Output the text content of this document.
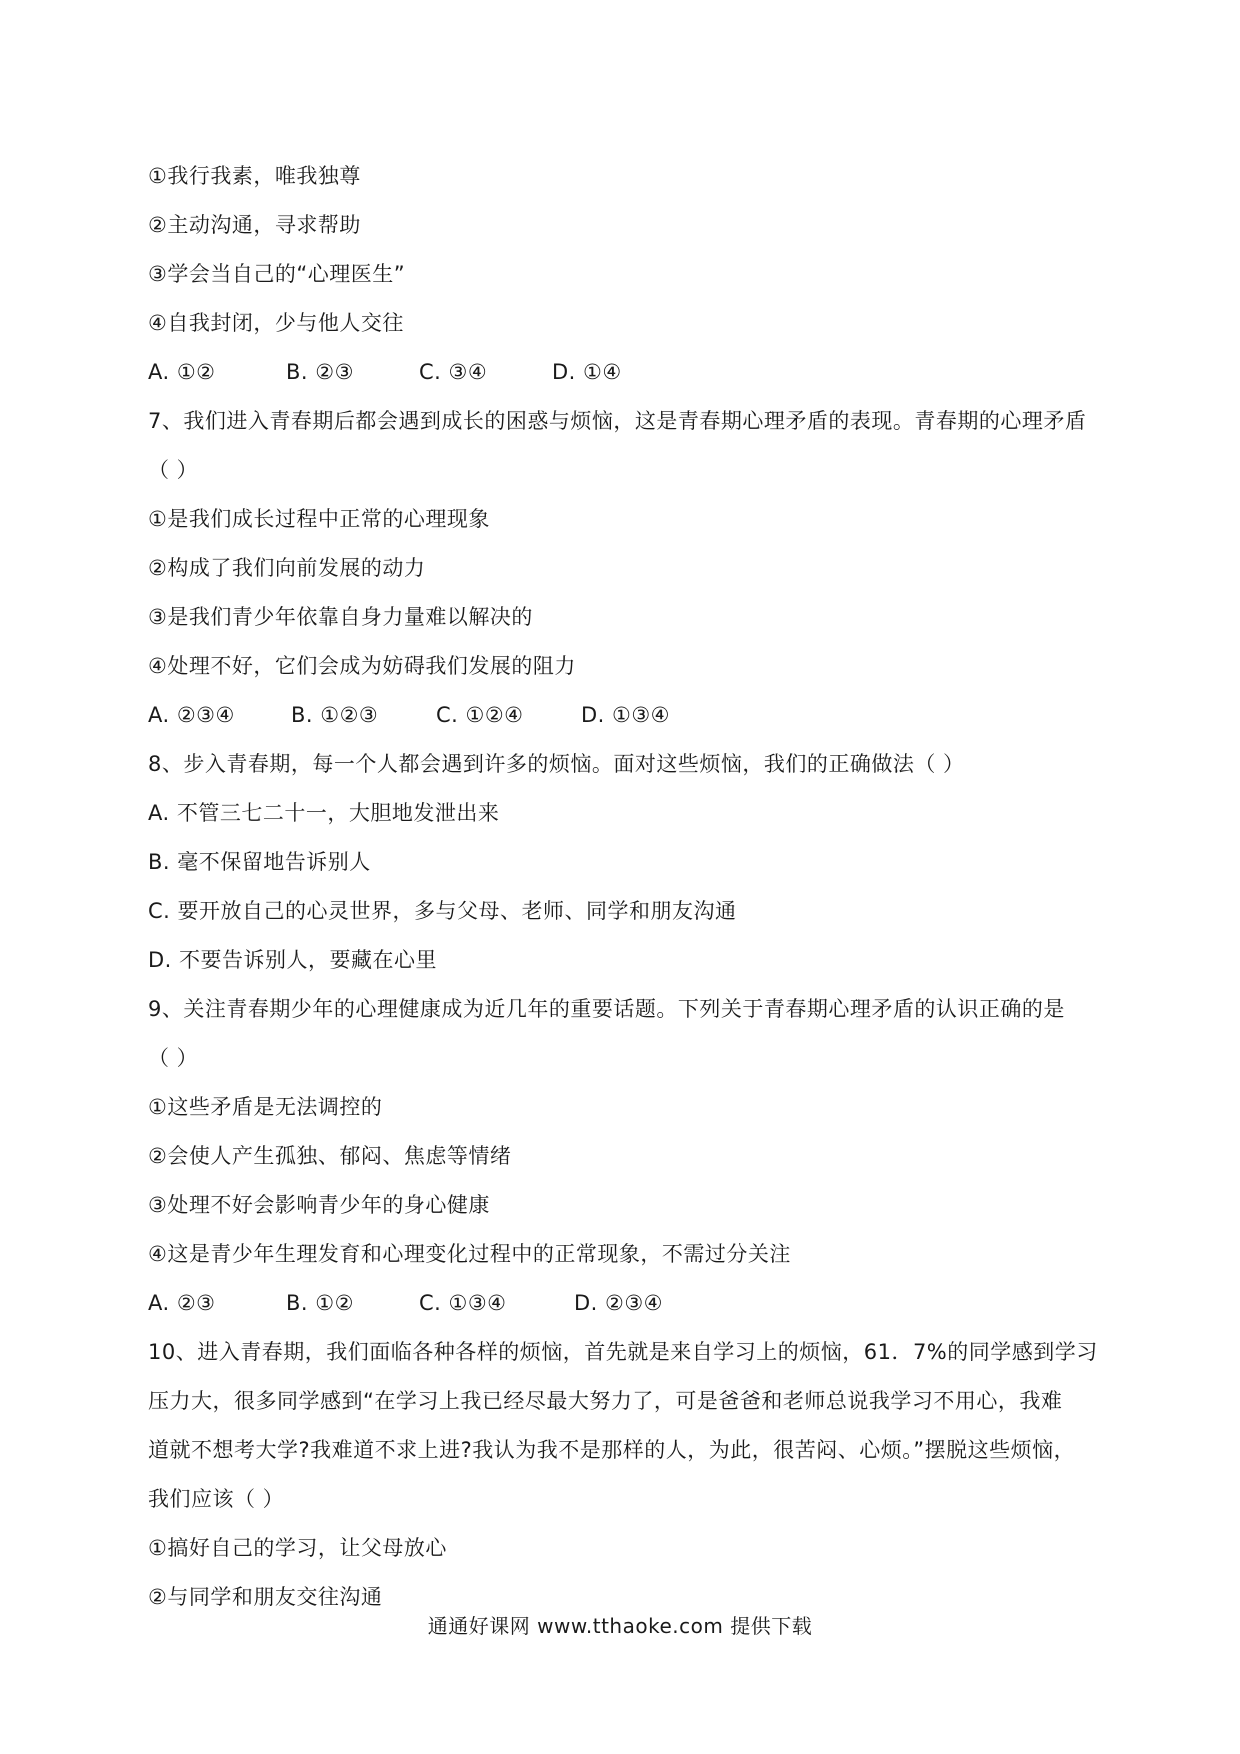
①我行我素，唯我独尊
②主动沟通，寻求帮助
③学会当自己的“心理医生”
④自我封闭，少与他人交往
A. ①②	B. ②③	C. ③④	D. ①④
7、我们进入青春期后都会遇到成长的困惑与烦恼，这是青春期心理矛盾的表现。青春期的心理矛盾
（ ）
①是我们成长过程中正常的心理现象
②构成了我们向前发展的动力
③是我们青少年依靠自身力量难以解决的
④处理不好，它们会成为妨碍我们发展的阻力
A. ②③④	B. ①②③	C. ①②④	D. ①③④
8、步入青春期，每一个人都会遇到许多的烦恼。面对这些烦恼，我们的正确做法（ ）
A. 不管三七二十一，大胆地发泄出来
B. 毫不保留地告诉别人
C. 要开放自己的心灵世界，多与父母、老师、同学和朋友沟通
D. 不要告诉别人，要藏在心里
9、关注青春期少年的心理健康成为近几年的重要话题。下列关于青春期心理矛盾的认识正确的是
（ ）
①这些矛盾是无法调控的
②会使人产生孤独、郁闷、焦虑等情绪
③处理不好会影响青少年的身心健康
④这是青少年生理发育和心理变化过程中的正常现象，不需过分关注
A. ②③	B. ①②	C. ①③④	D. ②③④
10、进入青春期，我们面临各种各样的烦恼，首先就是来自学习上的烦恼，61．7%的同学感到学习
压力大，很多同学感到“在学习上我已经尽最大努力了，可是爸爸和老师总说我学习不用心，我难
道就不想考大学?我难道不求上进?我认为我不是那样的人，为此，很苦闷、心烦。”摆脱这些烦恼，
我们应该（ ）
①搞好自己的学习，让父母放心
②与同学和朋友交往沟通
通通好课网 www.tthaoke.com 提供下载
